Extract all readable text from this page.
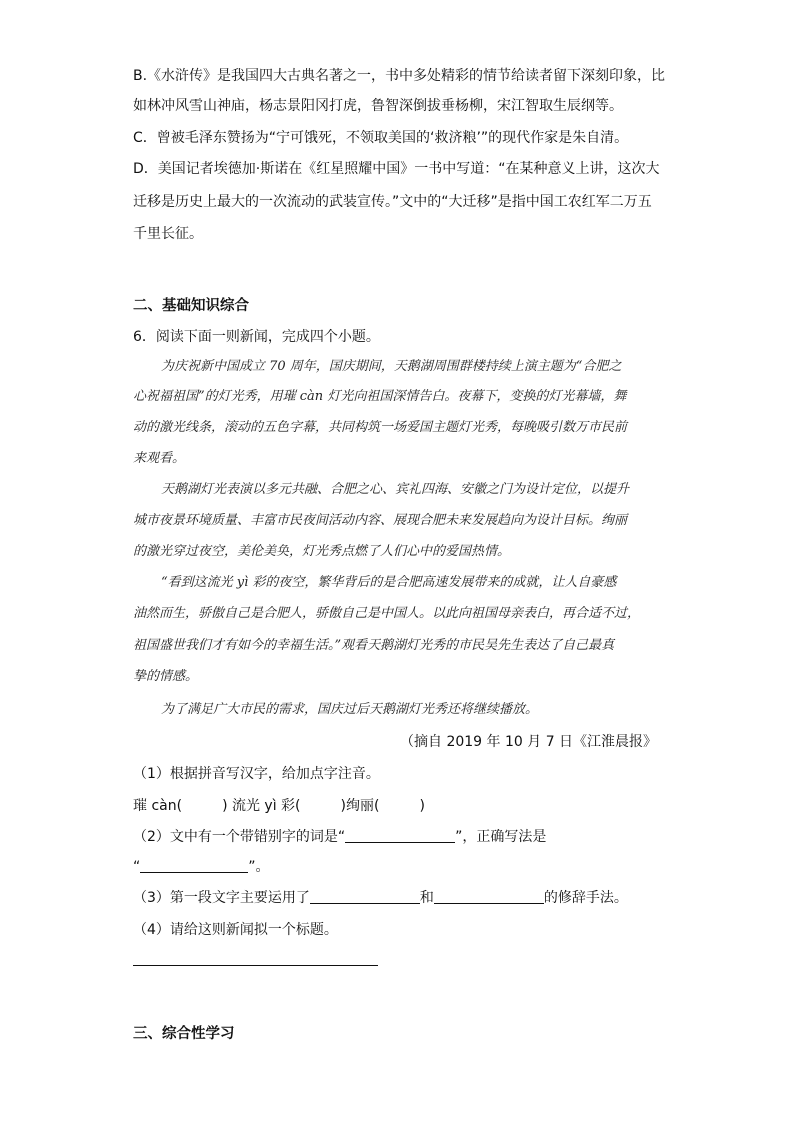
B.《水浒传》是我国四大古典名著之一，书中多处精彩的情节给读者留下深刻印象，比
如林冲风雪山神庙，杨志景阳冈打虎，鲁智深倒拔垂杨柳，宋江智取生辰纲等。
C．曾被毛泽东赞扬为“宁可饿死，不领取美国的‘救济粮’”的现代作家是朱自清。
D．美国记者埃德加·斯诺在《红星照耀中国》一书中写道：“在某种意义上讲，这次大
迁移是历史上最大的一次流动的武装宣传。”文中的“大迁移”是指中国工农红军二万五
千里长征。
二、基础知识综合
6．阅读下面一则新闻，完成四个小题。
为庆祝新中国成立 70 周年，国庆期间，天鹅湖周围群楼持续上演主题为“合肥之
心祝福祖国”的灯光秀，用璀 càn 灯光向祖国深情告白。夜幕下，变换的灯光幕墙，舞
动的激光线条，滚动的五色字幕，共同构筑一场爱国主题灯光秀，每晚吸引数万市民前
来观看。
天鹅湖灯光表演以多元共融、合肥之心、宾礼四海、安徽之门为设计定位，以提升
城市夜景环境质量、丰富市民夜间活动内容、展现合肥未来发展趋向为设计目标。绚丽
的激光穿过夜空，美伦美奂，灯光秀点燃了人们心中的爱国热情。
“看到这流光 yì 彩的夜空，繁华背后的是合肥高速发展带来的成就，让人自豪感
油然而生，骄傲自己是合肥人，骄傲自己是中国人。以此向祖国母亲表白，再合适不过，
祖国盛世我们才有如今的幸福生活。”观看天鹅湖灯光秀的市民吴先生表达了自己最真
挚的情感。
为了满足广大市民的需求，国庆过后天鹅湖灯光秀还将继续播放。
（摘自 2019 年 10 月 7 日《江淮晨报》
（1）根据拼音写汉字，给加点字注音。
璀 càn(	) 流光 yì 彩(	)绚丽(	)
（2）文中有一个带错别字的词是“	”，正确写法是
“	”。
（3）第一段文字主要运用了	和	的修辞手法。
（4）请给这则新闻拟一个标题。
三、综合性学习
